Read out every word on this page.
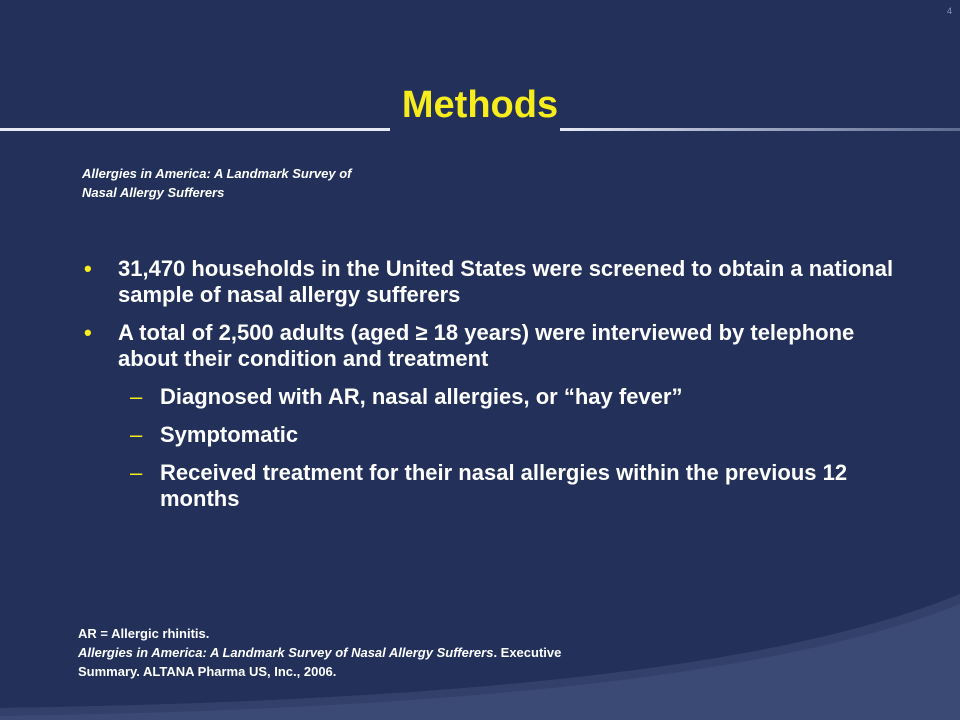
4
Methods
Allergies in America: A Landmark Survey of
Nasal Allergy Sufferers
• 31,470 households in the United States were screened to obtain a national sample of nasal allergy sufferers
• A total of 2,500 adults (aged ≥ 18 years) were interviewed by telephone about their condition and treatment
– Diagnosed with AR, nasal allergies, or “hay fever”
– Symptomatic
– Received treatment for their nasal allergies within the previous 12 months
AR = Allergic rhinitis.
Allergies in America: A Landmark Survey of Nasal Allergy Sufferers. Executive
Summary. ALTANA Pharma US, Inc., 2006.
